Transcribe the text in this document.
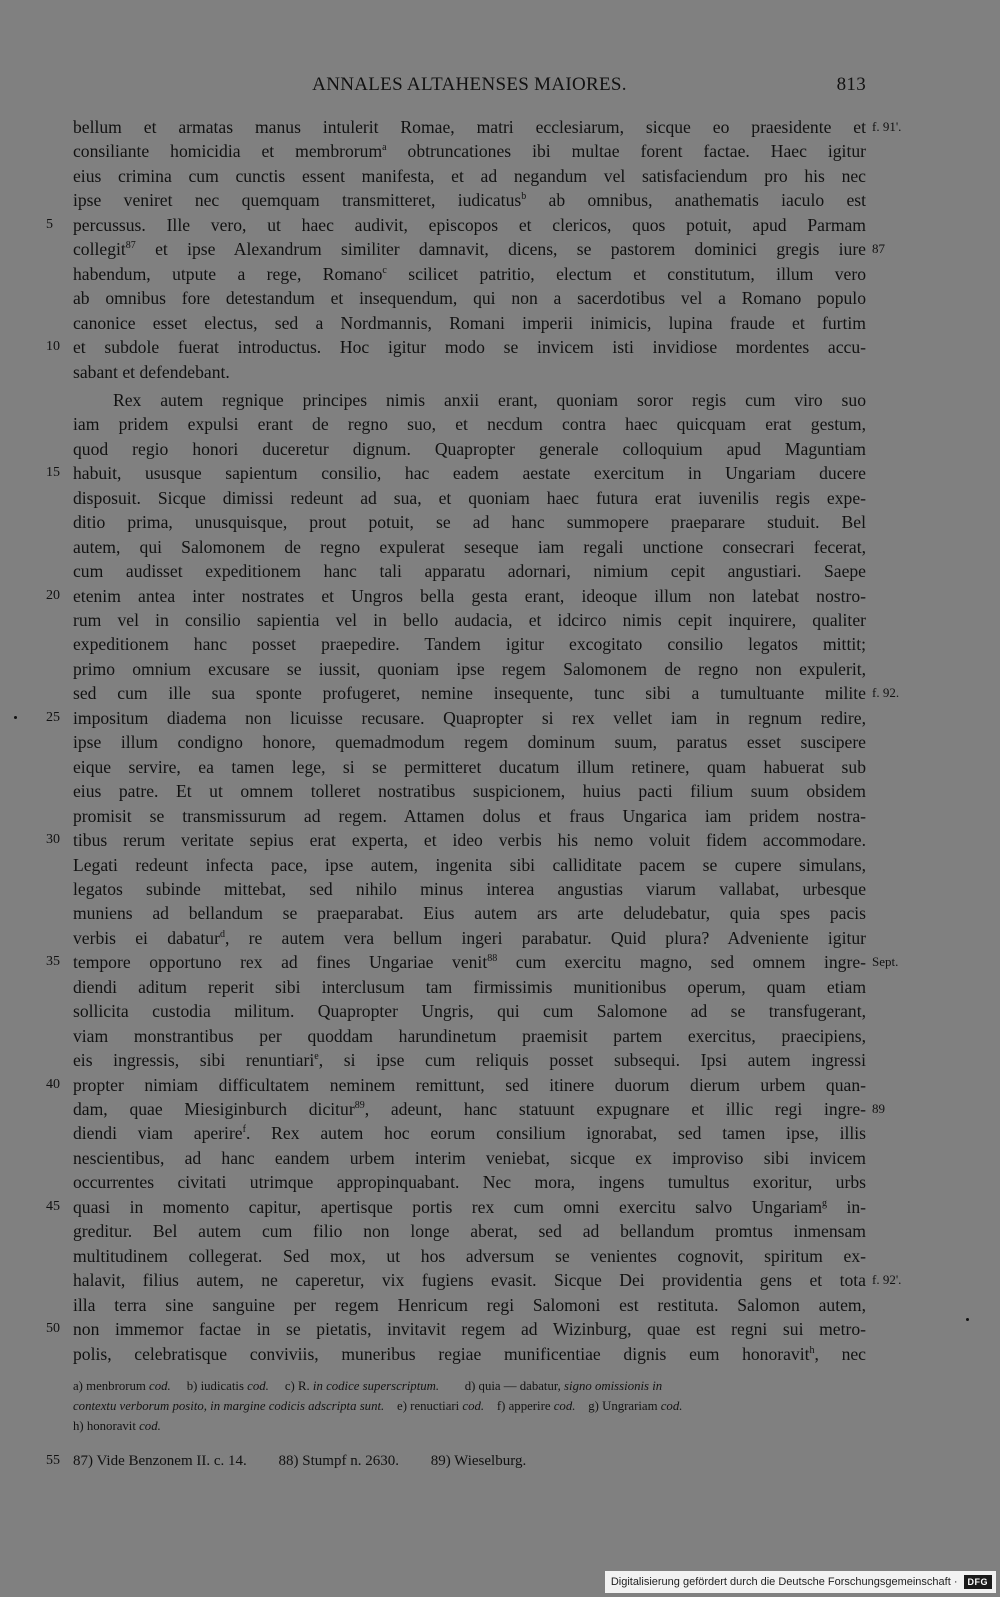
ANNALES ALTAHENSES MAIORES.	813
bellum et armatas manus intulerit Romae, matri ecclesiarum, sicque eo praesidente et f. 91'.
consiliante homicidia et membrorum$^a$ obtruncationes ibi multae forent factae. Haec igitur
eius crimina cum cunctis essent manifesta, et ad negandum vel satisfaciendum pro his nec
ipse veniret nec quemquam transmitteret, iudicatus$^b$ ab omnibus, anathematis iaculo est
percussus. Ille vero, ut haec audivit, episcopos et clericos, quos potuit, apud Parmam
5
collegit$^{87}$ et ipse Alexandrum similiter damnavit, dicens, se pastorem dominici gregis iure 87
habendum, utpute a rege, Romano$^c$ scilicet patritio, electum et constitutum, illum vero
ab omnibus fore detestandum et insequendum, qui non a sacerdotibus vel a Romano populo
canonice esset electus, sed a Nordmannis, Romani imperii inimicis, lupina fraude et furtim
et subdole fuerat introductus. Hoc igitur modo se invicem isti invidiose mordentes accu-
10
sabant et defendebant.
Rex autem regnique principes nimis anxii erant, quoniam soror regis cum viro suo
iam pridem expulsi erant de regno suo, et necdum contra haec quicquam erat gestum,
quod regio honori duceretur dignum. Quapropter generale colloquium apud Maguntiam
habuit, ususque sapientum consilio, hac eadem aestate exercitum in Ungariam ducere
15
disposuit. Sicque dimissi redeunt ad sua, et quoniam haec futura erat iuvenilis regis expe-
ditio prima, unusquisque, prout potuit, se ad hanc summopere praeparare studuit. Bel
autem, qui Salomonem de regno expulerat seseque iam regali unctione consecrari fecerat,
cum audisset expeditionem hanc tali apparatu adornari, nimium cepit angustiari. Saepe
etenim antea inter nostrates et Ungros bella gesta erant, ideoque illum non latebat nostro-
20
rum vel in consilio sapientia vel in bello audacia, et idcirco nimis cepit inquirere, qualiter
expeditionem hanc posset praepedire. Tandem igitur excogitato consilio legatos mittit;
primo omnium excusare se iussit, quoniam ipse regem Salomonem de regno non expulerit,
sed cum ille sua sponte profugeret, nemine insequente, tunc sibi a tumultuante milite f. 92.
impositum diadema non licuisse recusare. Quapropter si rex vellet iam in regnum redire,
25
ipse illum condigno honore, quemadmodum regem dominum suum, paratus esset suscipere
eique servire, ea tamen lege, si se permitteret ducatum illum retinere, quam habuerat sub
eius patre. Et ut omnem tolleret nostratibus suspicionem, huius pacti filium suum obsidem
promisit se transmissurum ad regem. Attamen dolus et fraus Ungarica iam pridem nostra-
tibus rerum veritate sepius erat experta, et ideo verbis his nemo voluit fidem accommodare.
30
Legati redeunt infecta pace, ipse autem, ingenita sibi calliditate pacem se cupere simulans,
legatos subinde mittebat, sed nihilo minus interea angustias viarum vallabat, urbesque
muniens ad bellandum se praeparabat. Eius autem ars arte deludebatur, quia spes pacis
verbis ei dabatur$^d$, re autem vera bellum ingeri parabatur. Quid plura? Adveniente igitur
tempore opportuno rex ad fines Ungariae venit$^{88}$ cum exercitu magno, sed omnem ingre-
35	Sept.
diendi aditum reperit sibi interclusum tam firmissimis munitionibus operum, quam etiam
sollicita custodia militum. Quapropter Ungris, qui cum Salomone ad se transfugerant,
viam monstrantibus per quoddam harundinetum praemisit partem exercitus, praecipiens,
eis ingressis, sibi renuntiari$^e$, si ipse cum reliquis posset subsequi. Ipsi autem ingressi
propter nimiam difficultatem neminem remittunt, sed itinere duorum dierum urbem quan-
40
dam, quae Miesiginburch dicitur$^{89}$, adeunt, hanc statuunt expugnare et illic regi ingre- 89
diendi viam aperire$^f$. Rex autem hoc eorum consilium ignorabat, sed tamen ipse, illis
nescientibus, ad hanc eandem urbem interim veniebat, sicque ex improviso sibi invicem
occurrentes civitati utrimque appropinquabant. Nec mora, ingens tumultus exoritur, urbs
quasi in momento capitur, apertisque portis rex cum omni exercitu salvo Ungariam$^g$ in-
45
greditur. Bel autem cum filio non longe aberat, sed ad bellandum promtus inmensam
multitudinem collegerat. Sed mox, ut hos adversum se venientes cognovit, spiritum ex-
halavit, filius autem, ne caperetur, vix fugiens evasit. Sicque Dei providentia gens et tota f. 92'.
illa terra sine sanguine per regem Henricum regi Salomoni est restituta. Salomon autem,
non immemor factae in se pietatis, invitavit regem ad Wizinburg, quae est regni sui metro-
50
polis, celebratisque conviviis, muneribus regiae munificentiae dignis eum honoravit$^h$, nec
a) menbrorum cod.     b) iudicatis cod.     c) R. in codice superscriptum.        d) quia — dabatur, signo omissionis in
contextu verborum posito, in margine codicis adscripta sunt.    e) renuctiari cod.    f) apperire cod.    g) Ungrariam cod.
h) honoravit cod.
55 87) Vide Benzonem II. c. 14. 88) Stumpf n. 2630. 89) Wieselburg.
Digitalisierung gefördert durch die Deutsche Forschungsgemeinschaft ·	DFG
